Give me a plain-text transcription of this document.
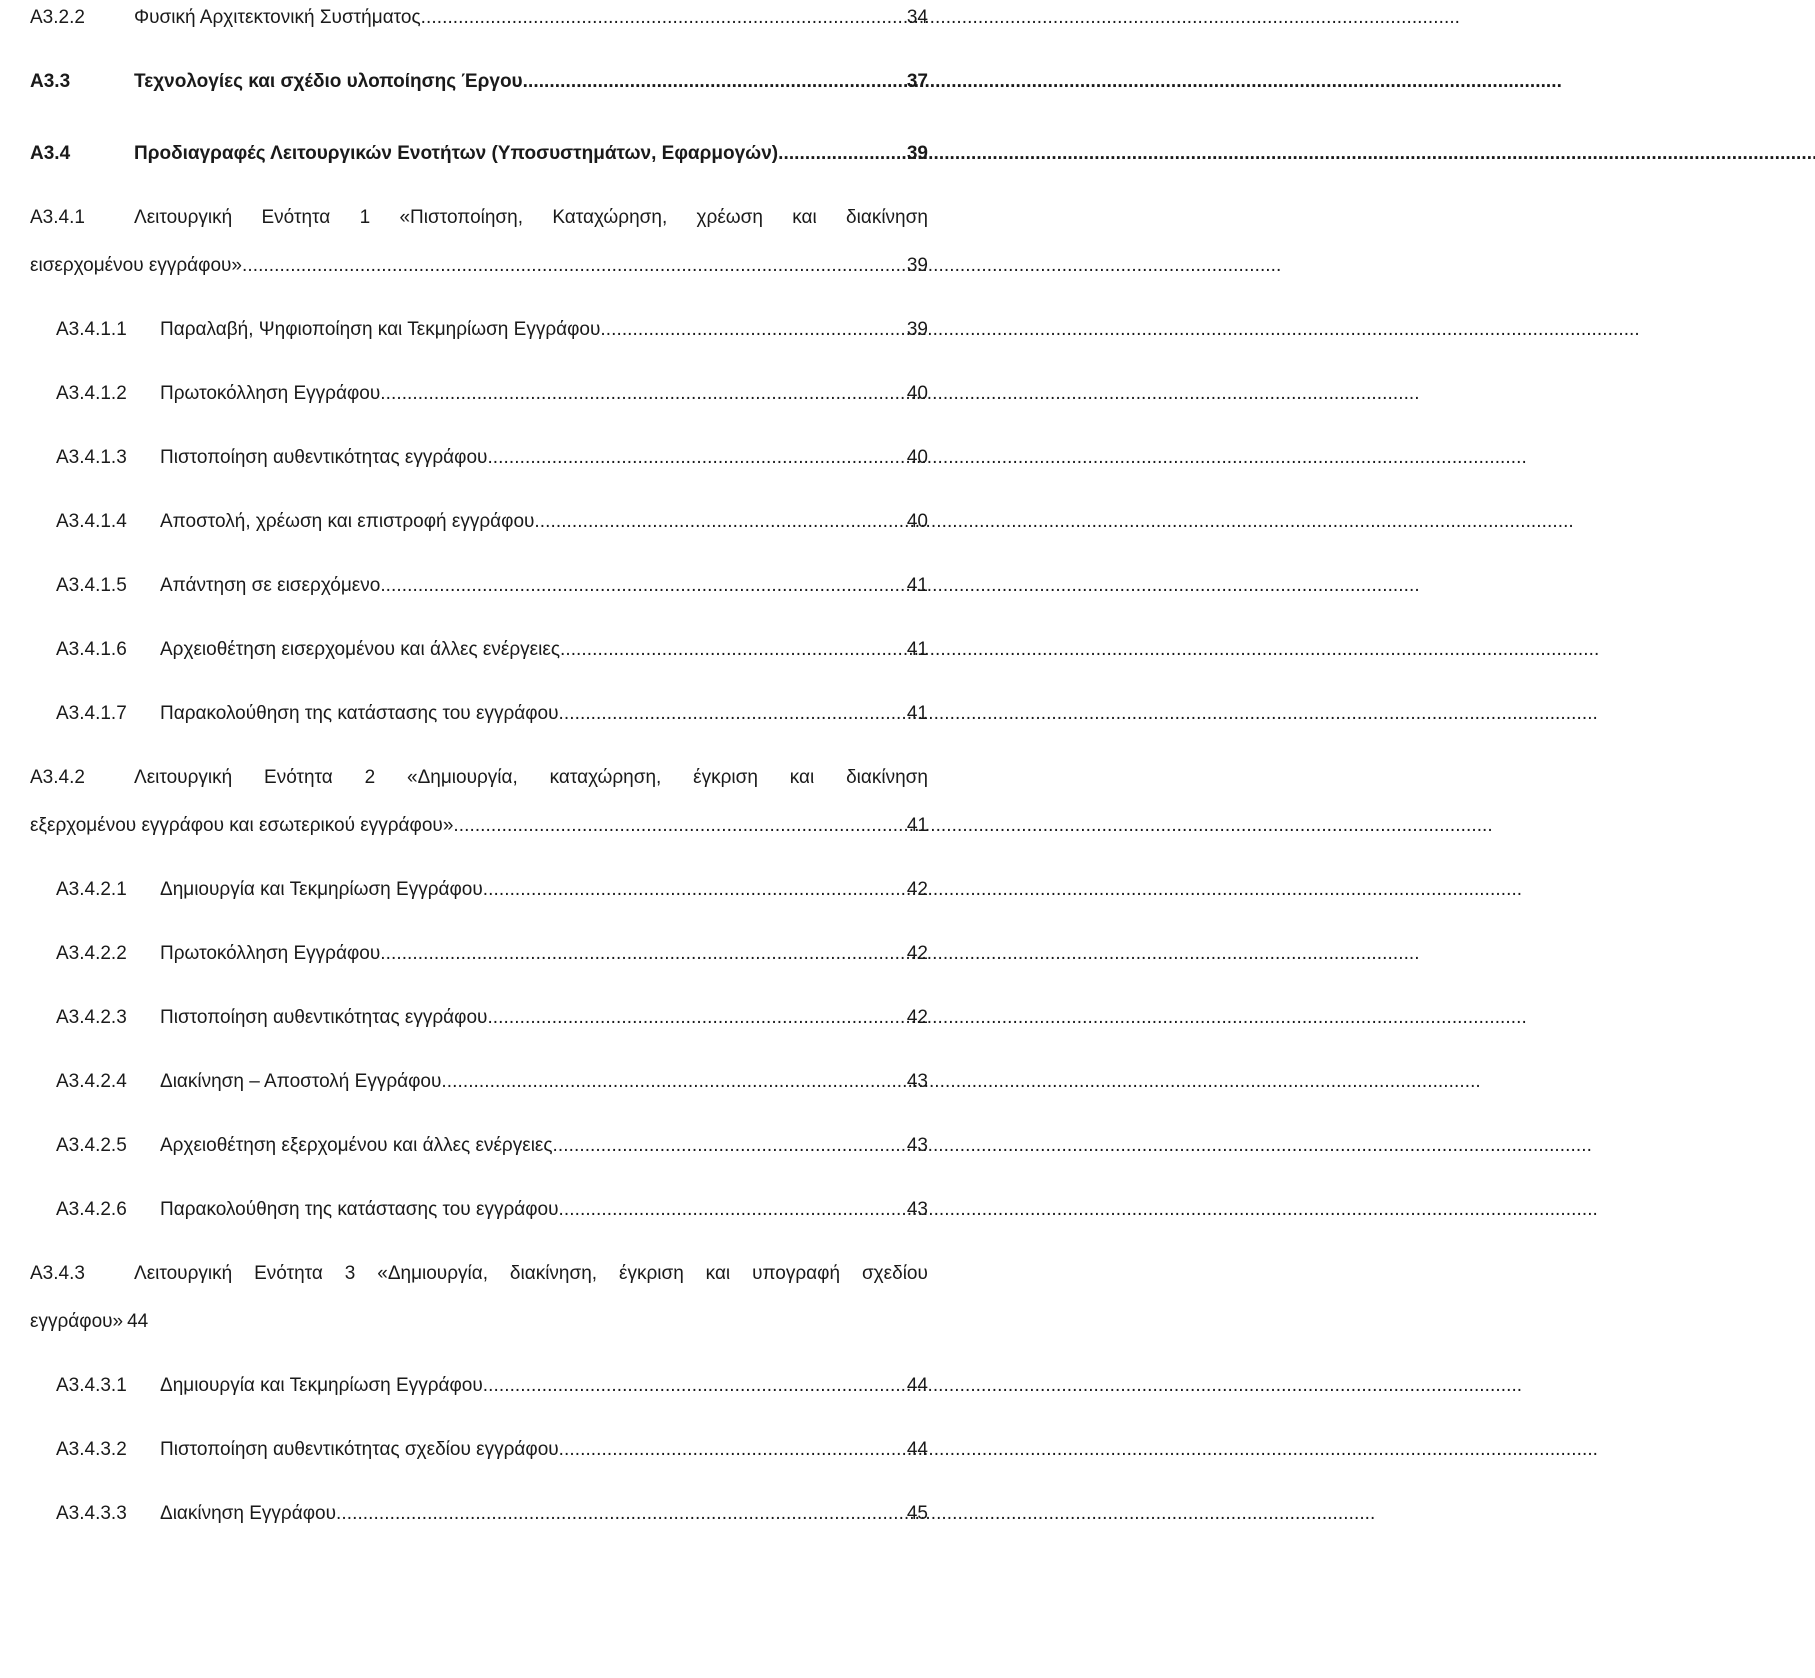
A3.2.2	Φυσική Αρχιτεκτονική Συστήματος . . .	34
A3.3	Τεχνολογίες και σχέδιο υλοποίησης Έργου . . .	37
A3.4	Προδιαγραφές Λειτουργικών Ενοτήτων (Υποσυστημάτων, Εφαρμογών) . . .	39
A3.4.1	Λειτουργική Ενότητα 1 «Πιστοποίηση, Καταχώρηση, χρέωση και διακίνηση
εισερχομένου εγγράφου» . . .	39
A3.4.1.1	Παραλαβή, Ψηφιοποίηση και Τεκμηρίωση Εγγράφου . . .	39
A3.4.1.2	Πρωτοκόλληση Εγγράφου . . .	40
A3.4.1.3	Πιστοποίηση αυθεντικότητας εγγράφου . . .	40
A3.4.1.4	Αποστολή, χρέωση και επιστροφή εγγράφου . . .	40
A3.4.1.5	Απάντηση σε εισερχόμενο . . .	41
A3.4.1.6	Αρχειοθέτηση εισερχομένου και άλλες ενέργειες . . .	41
A3.4.1.7	Παρακολούθηση της κατάστασης του εγγράφου . . .	41
A3.4.2	Λειτουργική Ενότητα 2 «Δημιουργία, καταχώρηση, έγκριση και διακίνηση
εξερχομένου εγγράφου και εσωτερικού εγγράφου» . . .	41
A3.4.2.1	Δημιουργία και Τεκμηρίωση Εγγράφου . . .	42
A3.4.2.2	Πρωτοκόλληση Εγγράφου . . .	42
A3.4.2.3	Πιστοποίηση αυθεντικότητας εγγράφου . . .	42
A3.4.2.4	Διακίνηση – Αποστολή Εγγράφου . . .	43
A3.4.2.5	Αρχειοθέτηση εξερχομένου και άλλες ενέργειες . . .	43
A3.4.2.6	Παρακολούθηση της κατάστασης του εγγράφου . . .	43
A3.4.3	Λειτουργική Ενότητα 3 «Δημιουργία, διακίνηση, έγκριση και υπογραφή σχεδίου
εγγράφου» 44
A3.4.3.1	Δημιουργία και Τεκμηρίωση Εγγράφου . . .	44
A3.4.3.2	Πιστοποίηση αυθεντικότητας σχεδίου εγγράφου . . .	44
A3.4.3.3	Διακίνηση Εγγράφου . . .	45
